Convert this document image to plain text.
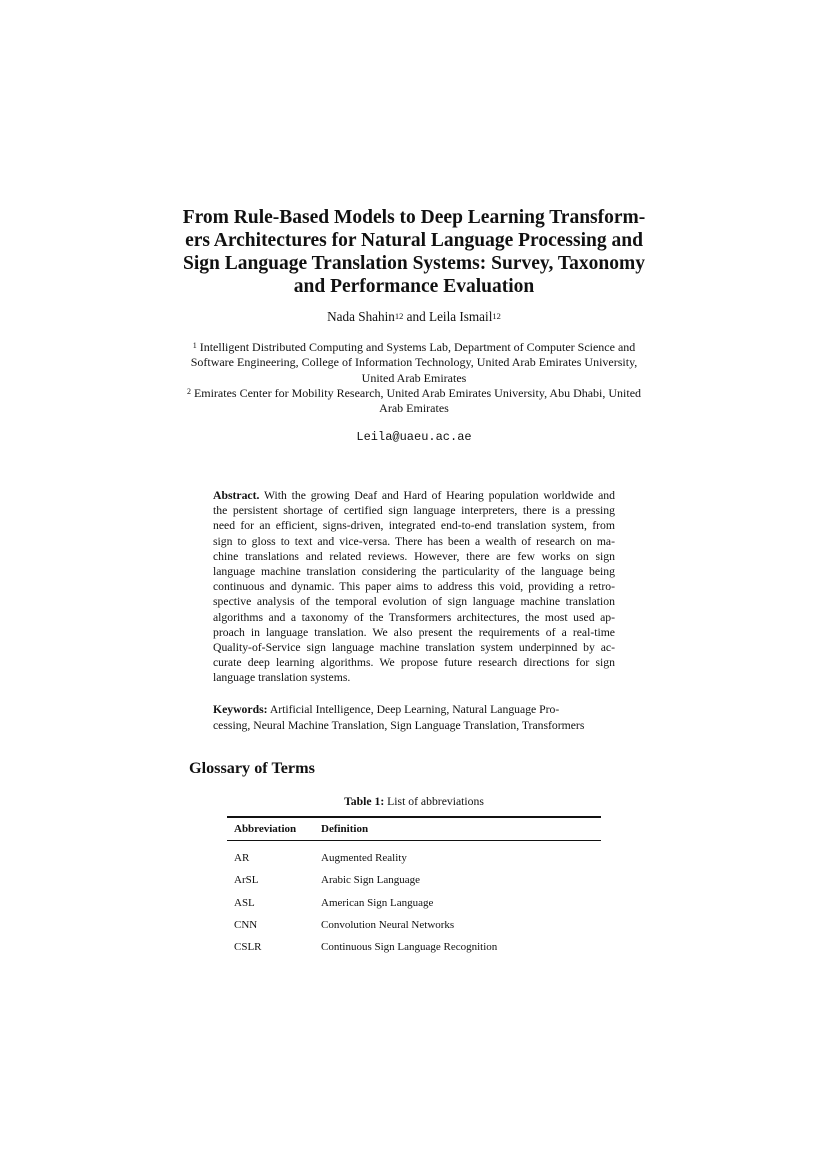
From Rule-Based Models to Deep Learning Transform-
ers Architectures for Natural Language Processing and
Sign Language Translation Systems: Survey, Taxonomy
and Performance Evaluation
Nada Shahin$^{12}$ and Leila Ismail$^{12}$
$^1$ Intelligent Distributed Computing and Systems Lab, Department of Computer Science and
Software Engineering, College of Information Technology, United Arab Emirates University,
United Arab Emirates
$^2$ Emirates Center for Mobility Research, United Arab Emirates University, Abu Dhabi, United
Arab Emirates
Leila@uaeu.ac.ae
Abstract. With the growing Deaf and Hard of Hearing population worldwide and
the persistent shortage of certified sign language interpreters, there is a pressing
need for an efficient, signs-driven, integrated end-to-end translation system, from
sign to gloss to text and vice-versa. There has been a wealth of research on ma-
chine translations and related reviews. However, there are few works on sign
language machine translation considering the particularity of the language being
continuous and dynamic. This paper aims to address this void, providing a retro-
spective analysis of the temporal evolution of sign language machine translation
algorithms and a taxonomy of the Transformers architectures, the most used ap-
proach in language translation. We also present the requirements of a real-time
Quality-of-Service sign language machine translation system underpinned by ac-
curate deep learning algorithms. We propose future research directions for sign
language translation systems.
Keywords: Artificial Intelligence, Deep Learning, Natural Language Pro-
cessing, Neural Machine Translation, Sign Language Translation, Transformers
Glossary of Terms
Table 1: List of abbreviations
Abbreviation	Definition
AR	Augmented Reality
ArSL	Arabic Sign Language
ASL	American Sign Language
CNN	Convolution Neural Networks
CSLR	Continuous Sign Language Recognition
